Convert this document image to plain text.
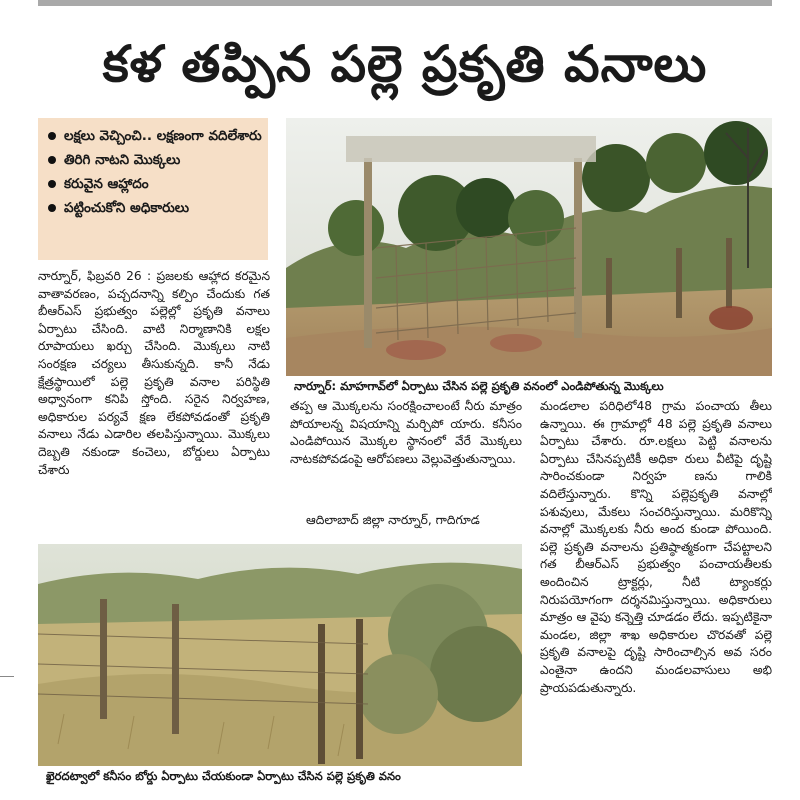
కళ తప్పిన పల్లె ప్రకృతి వనాలు
లక్షలు వెచ్చించి.. లక్షణంగా వదిలేశారు
తిరిగి నాటని మొక్కలు
కరువైన ఆహ్లాదం
పట్టించుకోని అధికారులు
నార్నూర్‌: మాహగావ్‌లో ఏర్పాటు చేసిన పల్లె ప్రకృతి వనంలో ఎండిపోతున్న మొక్కలు
నార్నూర్‌, ఫిబ్రవరి 26 : ప్రజలకు ఆహ్లాద కరమైన వాతావరణం, పచ్చదనాన్ని కల్పిం చేందుకు గత బీఆర్‌ఎస్‌ ప్రభుత్వం పల్లెల్లో ప్రకృతి వనాలు ఏర్పాటు చేసింది. వాటి నిర్మాణానికి లక్షల రూపాయలు ఖర్చు చేసింది. మొక్కలు నాటి సంరక్షణ చర్యలు తీసుకున్నది. కానీ నేడు క్షేత్రస్థాయిలో పల్లె ప్రకృతి వనాల పరిస్థితి అధ్వానంగా కనిపి స్తోంది. సరైన నిర్వహణ, అధికారుల పర్యవే క్షణ లేకపోవడంతో ప్రకృతి వనాలు నేడు ఎడారిల తలపిస్తున్నాయి. మొక్కలు దెబ్బతి నకుండా కంచెలు, బోర్డులు ఏర్పాటు చేశారు
తప్ప ఆ మొక్కలను సంరక్షించాలంటే నీరు మాత్రం పోయాలన్న విషయాన్ని మర్చిపో యారు. కనీసం ఎండిపోయిన మొక్కల స్థానంలో వేరే మొక్కలు నాటకపోవడంపై ఆరోపణలు వెల్లువెత్తుతున్నాయి.
ఆదిలాబాద్‌ జిల్లా నార్నూర్‌, గాదిగూడ
ఖైరదట్వాలో కనీసం బోర్డు ఏర్పాటు చేయకుండా ఏర్పాటు చేసిన పల్లె ప్రకృతి వనం
మండలాల పరిధిలో48 గ్రామ పంచాయ తీలు ఉన్నాయి. ఈ గ్రామాల్లో 48 పల్లె ప్రకృతి వనాలు ఏర్పాటు చేశారు. రూ.లక్షలు పెట్టి వనాలను ఏర్పాటు చేసినప్పటికీ అధికా రులు వీటిపై దృష్టి సారించకుండా నిర్వహ ణను గాలికి వదిలేస్తున్నారు. కొన్ని పల్లెప్రకృతి వనాల్లో పశువులు, మేకలు సంచరిస్తున్నాయి. మరికొన్ని వనాల్లో మొక్కలకు నీరు అంద కుండా పోయింది. పల్లె ప్రకృతి వనాలను ప్రతిష్ఠాత్మకంగా చేపట్టాలని గత బీఆర్‌ఎస్‌ ప్రభుత్వం పంచాయతీలకు అందించిన ట్రాక్టర్లు, నీటి ట్యాంకర్లు నిరుపయోగంగా దర్శనమిస్తున్నాయి. అధికారులు మాత్రం ఆ వైపు కన్నెత్తి చూడడం లేదు. ఇప్పటికైనా మండల, జిల్లా శాఖ అధికారుల చొరవతో పల్లె ప్రకృతి వనాలపై దృష్టి సారించాల్సిన అవ సరం ఎంతైనా ఉందని మండలవాసులు అభి ప్రాయపడుతున్నారు.
